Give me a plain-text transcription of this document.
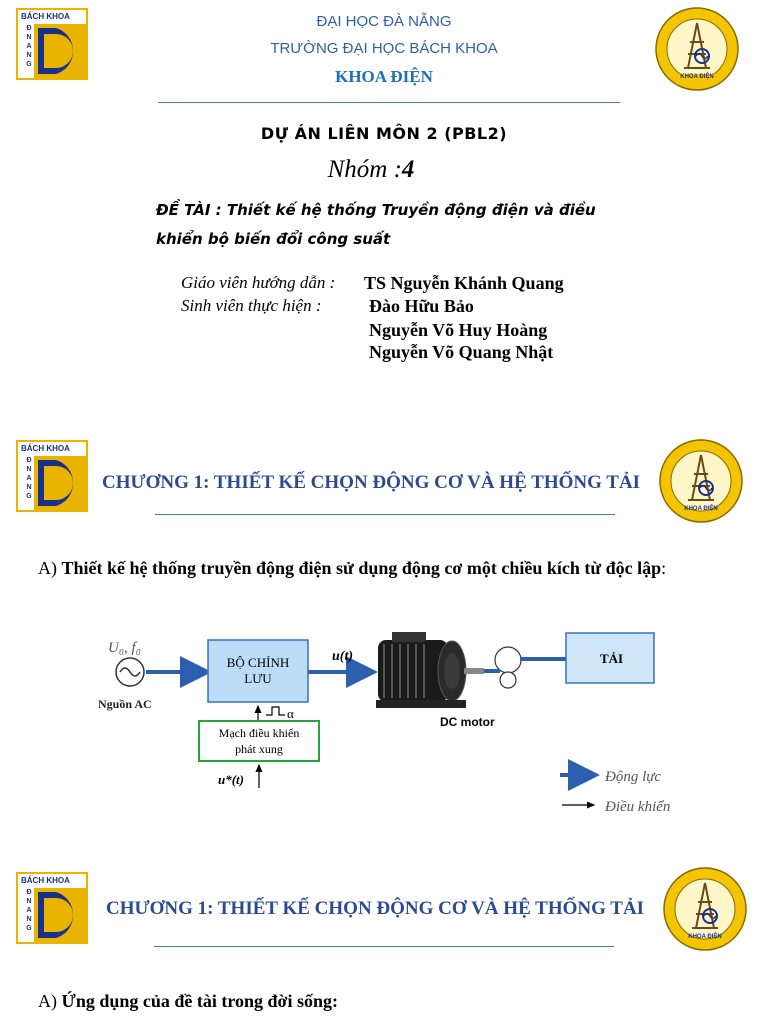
BÁCH KHOA
Đ
N
A
N
G
ĐẠI HỌC ĐÀ NẴNG
TRƯỜNG ĐẠI HỌC BÁCH KHOA
KHOA ĐIỆN	KHOA ĐIỆN
DỰ ÁN LIÊN MÔN 2 (PBL2)
Nhóm :4
ĐỀ TÀI : Thiết kế hệ thống Truyền động điện và điều
khiển bộ biến đổi công suất
Giáo viên hướng dẫn : TS Nguyễn Khánh Quang
Sinh viên thực hiện :	Đào Hữu Bảo
Nguyễn Võ Huy Hoàng
Nguyễn Võ Quang Nhật
BÁCH KHOA
Đ
N
A
N
G
CHƯƠNG 1: THIẾT KẾ CHỌN ĐỘNG CƠ VÀ HỆ THỐNG TẢI
KHOA ĐIỆN
A) Thiết kế hệ thống truyền động điện sử dụng động cơ một chiều kích từ độc lập:
U₀, f₀
Nguồn AC
BỘ CHỈNH
LƯU
u(t)
α
Mạch điều khiển
phát xung
u*(t)
DC motor
TẢI
Động lực
Điều khiển
BÁCH KHOA
Đ
N
A
N
G
CHƯƠNG 1: THIẾT KẾ CHỌN ĐỘNG CƠ VÀ HỆ THỐNG TẢI
KHOA ĐIỆN
A) Ứng dụng của đề tài trong đời sống:
